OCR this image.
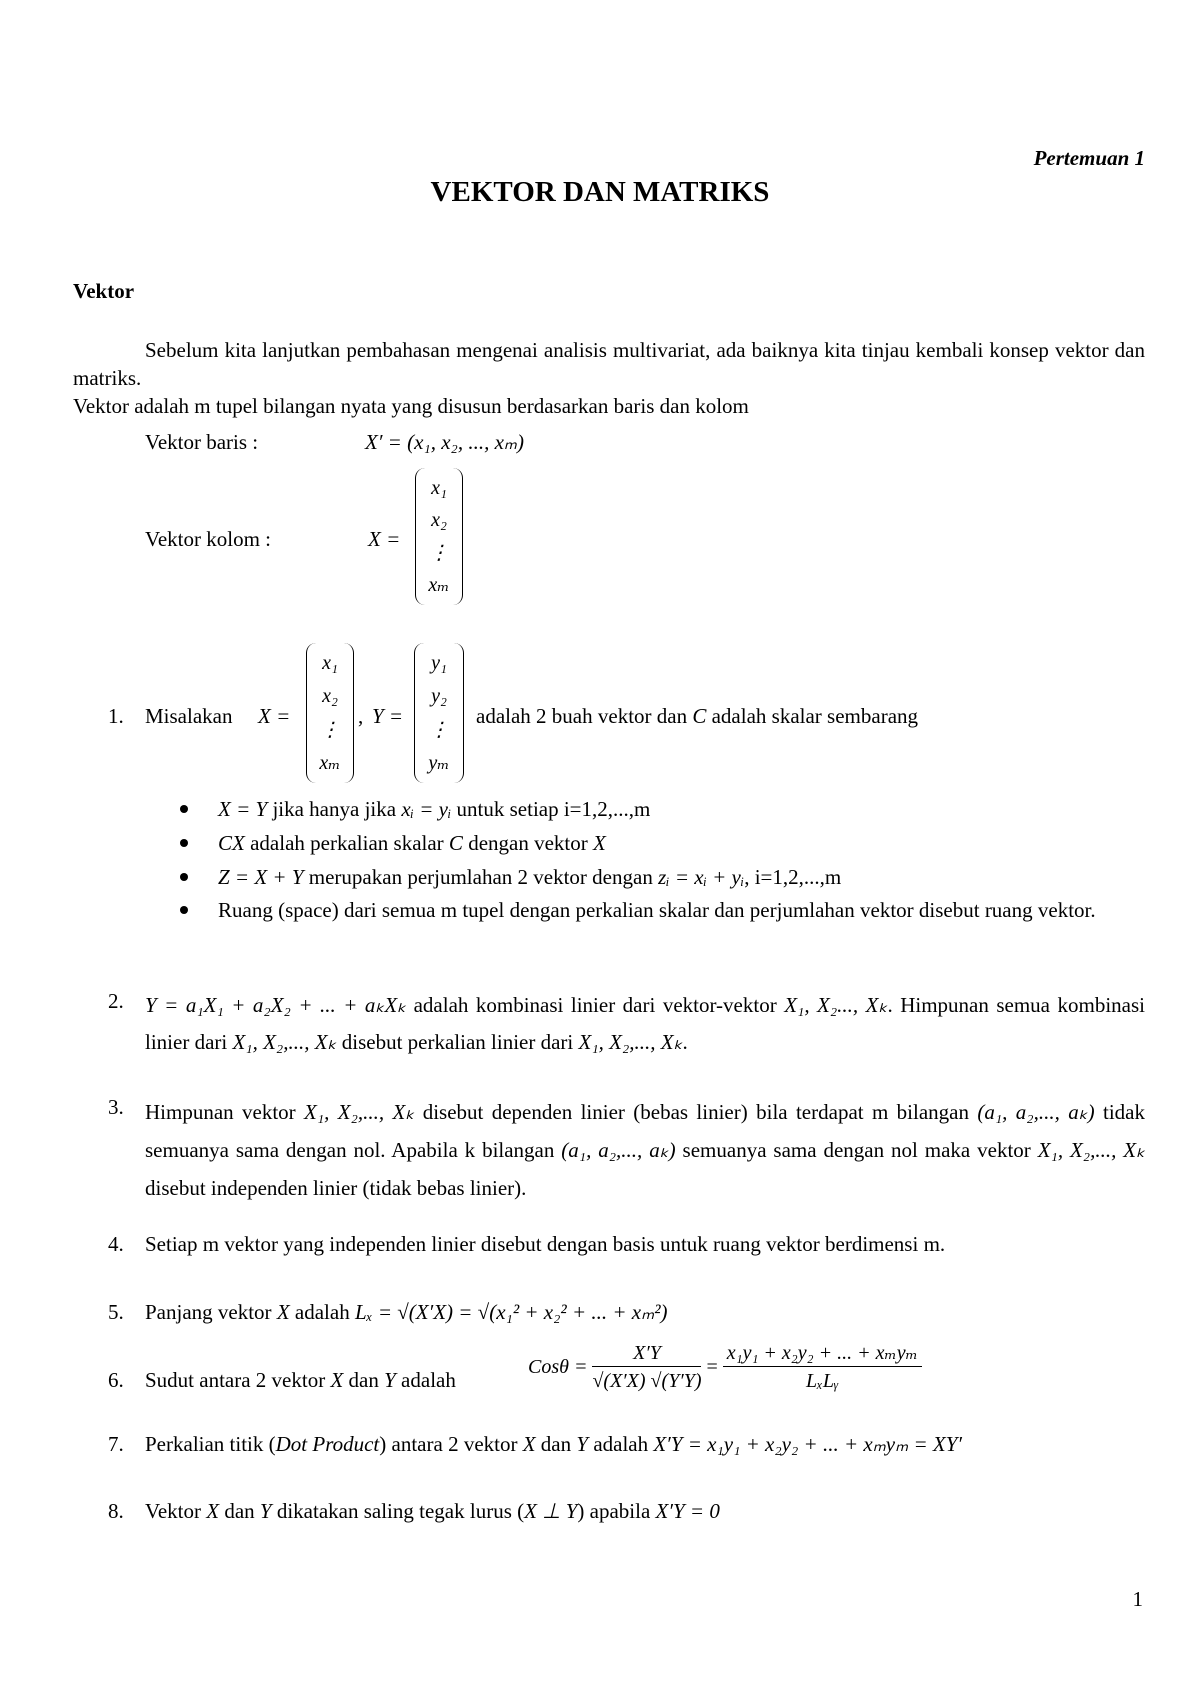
Pertemuan 1
VEKTOR DAN MATRIKS
Vektor
Sebelum kita lanjutkan pembahasan mengenai analisis multivariat, ada baiknya kita tinjau kembali konsep vektor dan matriks.
Vektor adalah m tupel bilangan nyata yang disusun berdasarkan baris dan kolom
Vektor baris :	X′ = (x₁, x₂, ..., xₘ)
Vektor kolom :	X =
x₁
x₂
⋮
xₘ
1. Misalakan X =
x₁
x₂
⋮
xₘ
, Y =
y₁
y₂
⋮
yₘ
adalah 2 buah vektor dan C adalah skalar sembarang
X = Y jika hanya jika xᵢ = yᵢ untuk setiap i=1,2,...,m
CX adalah perkalian skalar C dengan vektor X
Z = X + Y merupakan perjumlahan 2 vektor dengan zᵢ = xᵢ + yᵢ, i=1,2,...,m
Ruang (space) dari semua m tupel dengan perkalian skalar dan perjumlahan vektor disebut ruang vektor.
2. Y = a₁X₁ + a₂X₂ + ... + aₖXₖ adalah kombinasi linier dari vektor-vektor X₁, X₂..., Xₖ. Himpunan semua kombinasi linier dari X₁, X₂,..., Xₖ disebut perkalian linier dari X₁, X₂,..., Xₖ.
3. Himpunan vektor X₁, X₂,..., Xₖ disebut dependen linier (bebas linier) bila terdapat m bilangan (a₁, a₂,..., aₖ) tidak semuanya sama dengan nol. Apabila k bilangan (a₁, a₂,..., aₖ) semuanya sama dengan nol maka vektor X₁, X₂,..., Xₖ disebut independen linier (tidak bebas linier).
4. Setiap m vektor yang independen linier disebut dengan basis untuk ruang vektor berdimensi m.
5. Panjang vektor X adalah Lₓ = √(X′X) = √(x₁² + x₂² + ... + xₘ²)
6. Sudut antara 2 vektor X dan Y adalah
$Cos\theta = \frac{X'Y}{√(X'X) √(Y'Y)} = \frac{\text{x₁y₁ + x₂y₂ + ... + xₘyₘ}}{\text{LₓLᵧ}}$
7. Perkalian titik (Dot Product) antara 2 vektor X dan Y adalah X′Y = x₁y₁ + x₂y₂ + ... + xₘyₘ = XY′
8. Vektor X dan Y dikatakan saling tegak lurus (X ⊥ Y) apabila X′Y = 0
1
